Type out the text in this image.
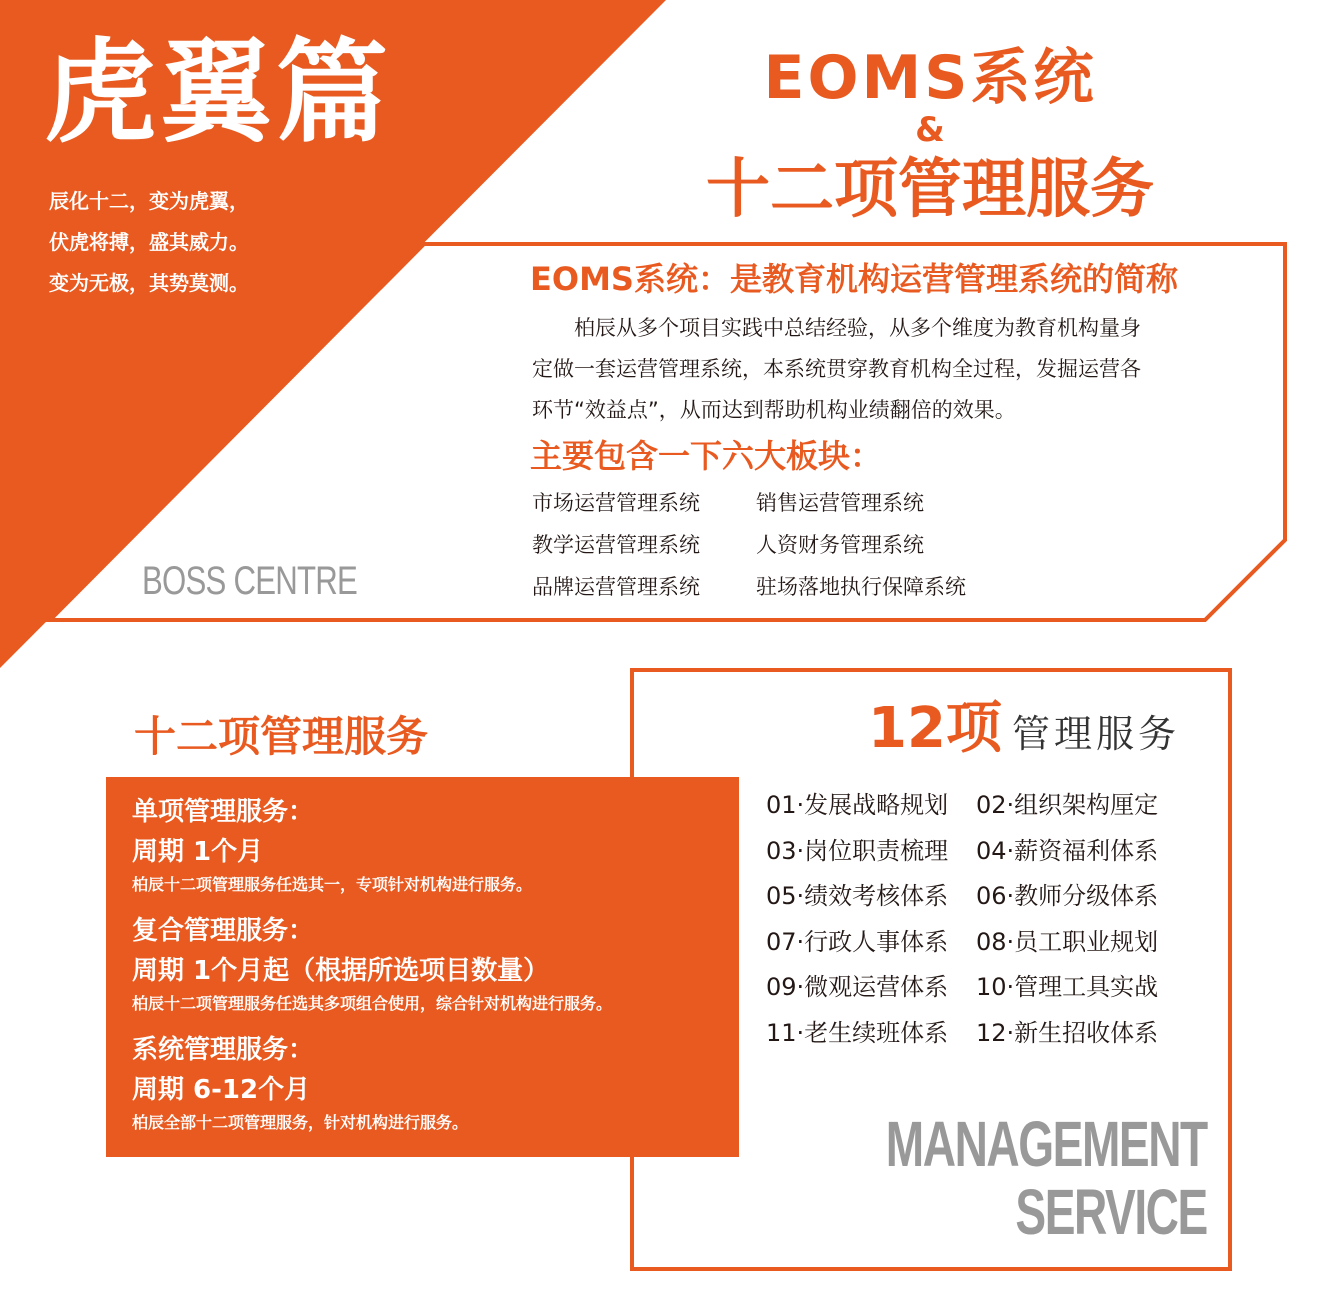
虎翼篇
辰化十二，变为虎翼，
伏虎将搏，盛其威力。
变为无极，其势莫测。
EOMS系统
&
十二项管理服务
EOMS系统：是教育机构运营管理系统的简称
　　柏辰从多个项目实践中总结经验，从多个维度为教育机构量身
定做一套运营管理系统，本系统贯穿教育机构全过程，发掘运营各
环节“效益点”，从而达到帮助机构业绩翻倍的效果。
主要包含一下六大板块：
市场运营管理系统	销售运营管理系统
教学运营管理系统	人资财务管理系统
品牌运营管理系统	驻场落地执行保障系统
BOSS CENTRE
十二项管理服务
单项管理服务：
周期 1个月
柏辰十二项管理服务任选其一，专项针对机构进行服务。
复合管理服务：
周期 1个月起（根据所选项目数量）
柏辰十二项管理服务任选其多项组合使用，综合针对机构进行服务。
系统管理服务：
周期 6-12个月
柏辰全部十二项管理服务，针对机构进行服务。
12项 管理服务
01·发展战略规划 02·组织架构厘定
03·岗位职责梳理 04·薪资福利体系
05·绩效考核体系 06·教师分级体系
07·行政人事体系 08·员工职业规划
09·微观运营体系 10·管理工具实战
11·老生续班体系 12·新生招收体系
MANAGEMENT
SERVICE
